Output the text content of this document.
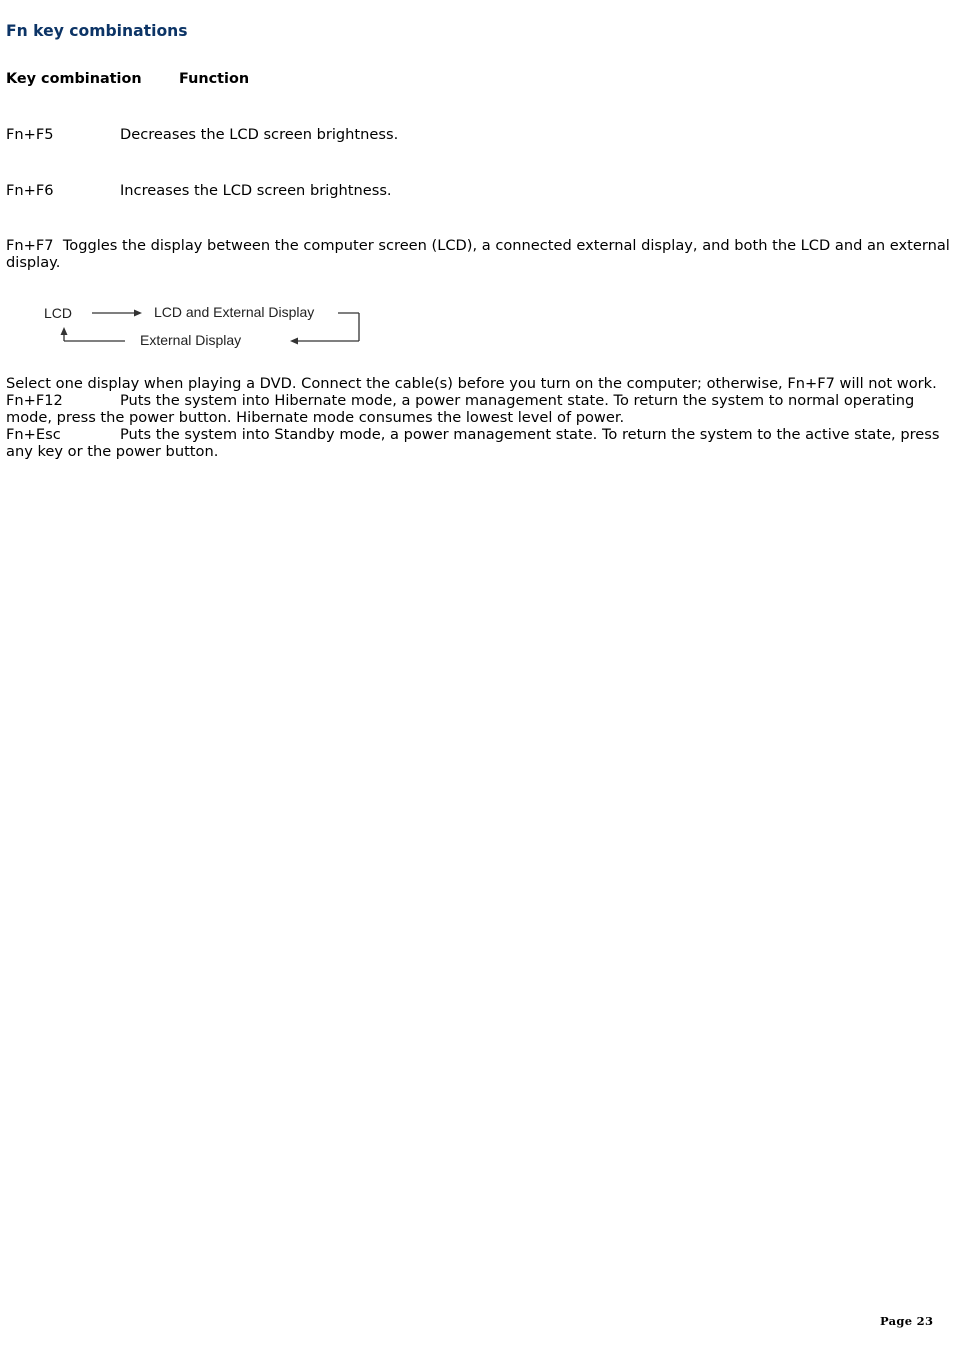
Fn key combinations
Key combination	Function
Fn+F5	Decreases the LCD screen brightness.
Fn+F6	Increases the LCD screen brightness.
Fn+F7  Toggles the display between the computer screen (LCD), a connected external display, and both the LCD and an external display.
LCD	LCD and External Display
External Display
Select one display when playing a DVD. Connect the cable(s) before you turn on the computer; otherwise, Fn+F7 will not work.
Fn+F12	Puts the system into Hibernate mode, a power management state. To return the system to normal operating mode, press the power button. Hibernate mode consumes the lowest level of power.
Fn+Esc	Puts the system into Standby mode, a power management state. To return the system to the active state, press any key or the power button.
Page 23
